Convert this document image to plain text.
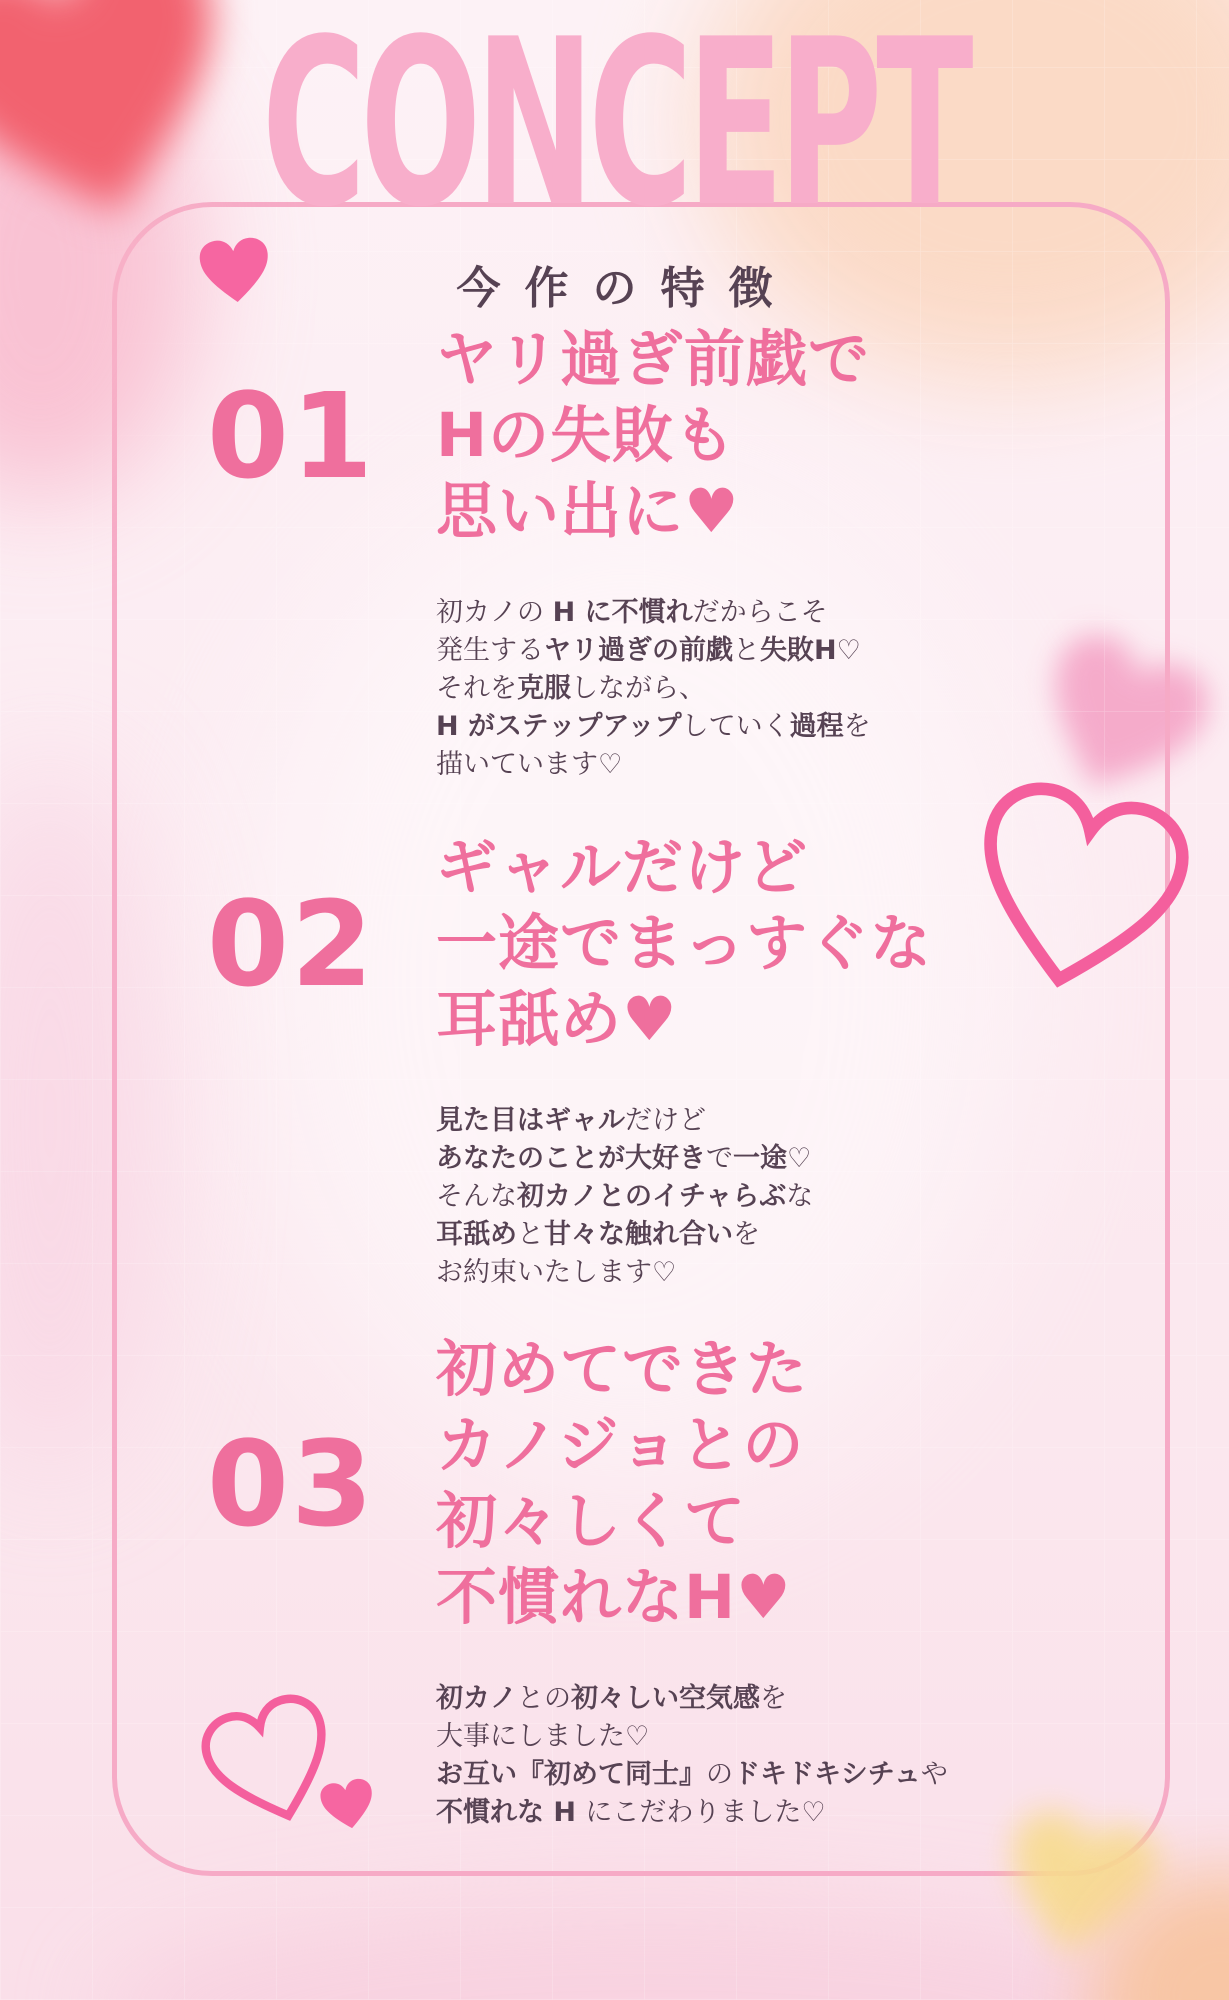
CONCEPT
今作の特徴
01
ヤリ過ぎ前戯で
Hの失敗も
思い出に♥
初カノの H に不慣れだからこそ
発生するヤリ過ぎの前戯と失敗H♡
それを克服しながら、
H がステップアップしていく過程を
描いています♡
02
ギャルだけど
一途でまっすぐな
耳舐め♥
見た目はギャルだけど
あなたのことが大好きで一途♡
そんな初カノとのイチャらぶな
耳舐めと甘々な触れ合いを
お約束いたします♡
03
初めてできた
カノジョとの
初々しくて
不慣れなH♥
初カノとの初々しい空気感を
大事にしました♡
お互い『初めて同士』のドキドキシチュや
不慣れな H にこだわりました♡
